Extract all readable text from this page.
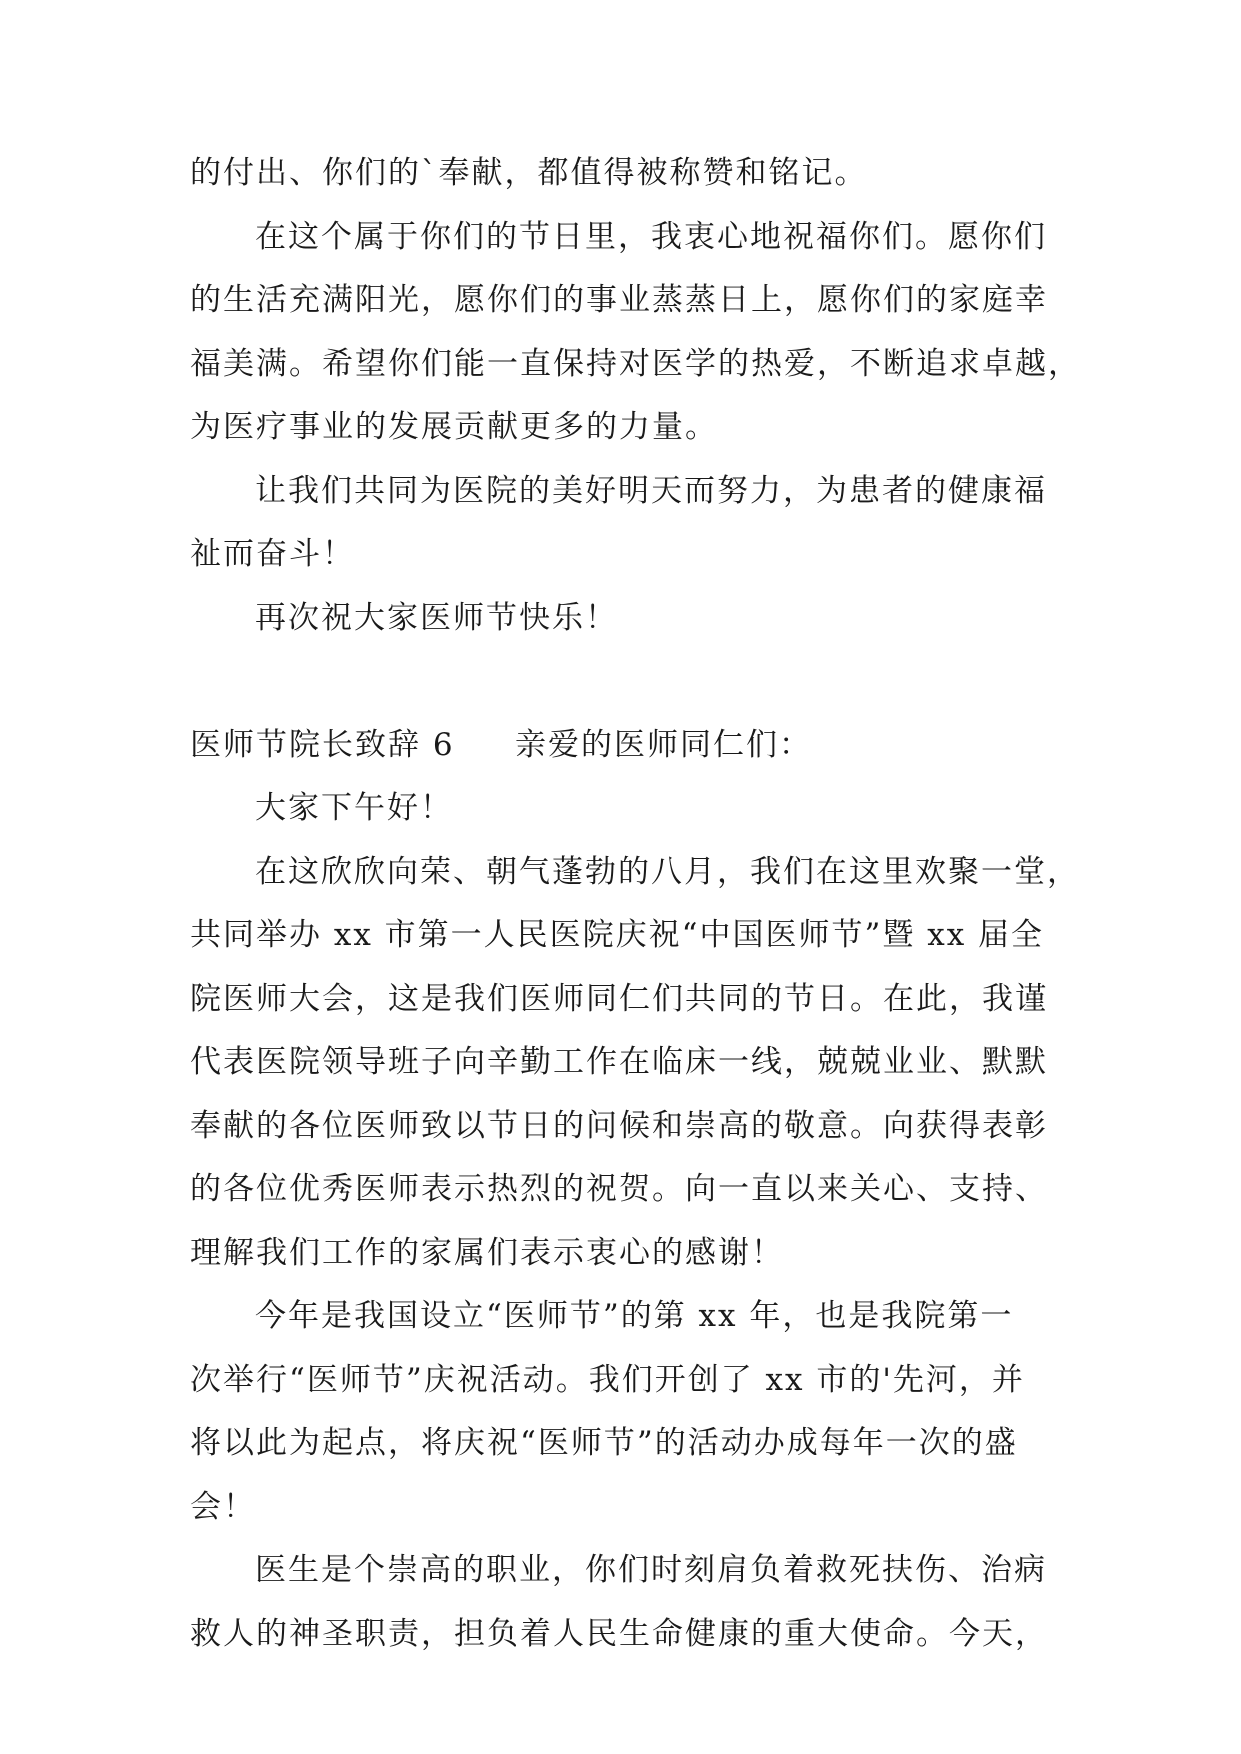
的付出、你们的`奉献，都值得被称赞和铭记。
在这个属于你们的节日里，我衷心地祝福你们。愿你们
的生活充满阳光，愿你们的事业蒸蒸日上，愿你们的家庭幸
福美满。希望你们能一直保持对医学的热爱，不断追求卓越，
为医疗事业的发展贡献更多的力量。
让我们共同为医院的美好明天而努力，为患者的健康福
祉而奋斗！
再次祝大家医师节快乐！
医师节院长致辞 6 亲爱的医师同仁们：
大家下午好！
在这欣欣向荣、朝气蓬勃的八月，我们在这里欢聚一堂，
共同举办 xx 市第一人民医院庆祝“中国医师节”暨 xx 届全
院医师大会，这是我们医师同仁们共同的节日。在此，我谨
代表医院领导班子向辛勤工作在临床一线，兢兢业业、默默
奉献的各位医师致以节日的问候和崇高的敬意。向获得表彰
的各位优秀医师表示热烈的祝贺。向一直以来关心、支持、
理解我们工作的家属们表示衷心的感谢！
今年是我国设立“医师节”的第 xx 年，也是我院第一
次举行“医师节”庆祝活动。我们开创了 xx 市的'先河，并
将以此为起点，将庆祝“医师节”的活动办成每年一次的盛
会！
医生是个崇高的职业，你们时刻肩负着救死扶伤、治病
救人的神圣职责，担负着人民生命健康的重大使命。今天，
